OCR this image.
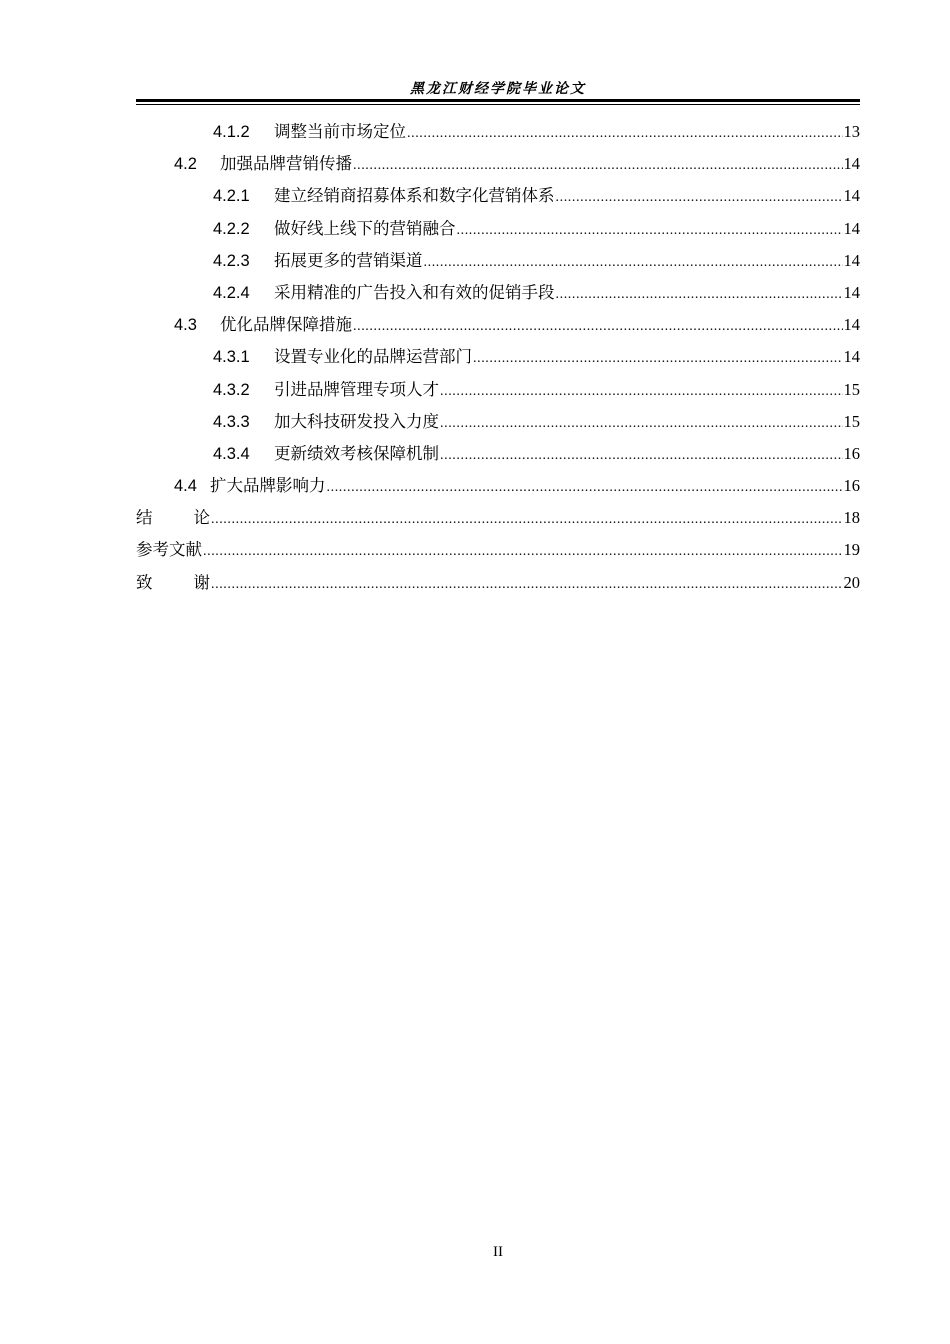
黑龙江财经学院毕业论文
4.1.2	调整当前市场定位 .....	13
4.2	加强品牌营销传播 .....	14
4.2.1	建立经销商招募体系和数字化营销体系 .....	14
4.2.2	做好线上线下的营销融合 .....	14
4.2.3	拓展更多的营销渠道 .....	14
4.2.4	采用精准的广告投入和有效的促销手段 .....	14
4.3	优化品牌保障措施 .....	14
4.3.1	设置专业化的品牌运营部门 .....	14
4.3.2	引进品牌管理专项人才 .....	15
4.3.3	加大科技研发投入力度 .....	15
4.3.4	更新绩效考核保障机制 .....	16
4.4 扩大品牌影响力 .....	16
结论 .....	18
参考文献 .....	19
致谢 .....	20
II
